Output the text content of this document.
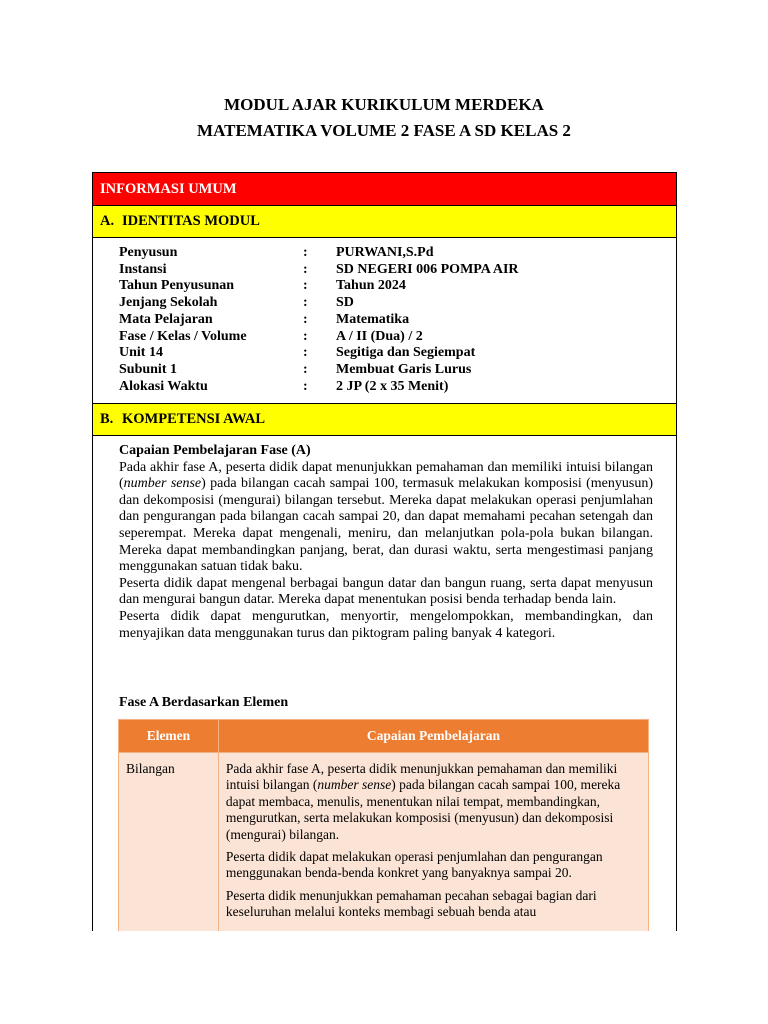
MODUL AJAR KURIKULUM MERDEKA
MATEMATIKA VOLUME 2 FASE A SD KELAS 2
INFORMASI UMUM
A. IDENTITAS MODUL
Penyusun	: PURWANI,S.Pd
Instansi	: SD NEGERI 006 POMPA AIR
Tahun Penyusunan	: Tahun 2024
Jenjang Sekolah	: SD
Mata Pelajaran	: Matematika
Fase / Kelas / Volume	: A / II (Dua) / 2
Unit 14	: Segitiga dan Segiempat
Subunit 1	: Membuat Garis Lurus
Alokasi Waktu	: 2 JP (2 x 35 Menit)
B. KOMPETENSI AWAL
Capaian Pembelajaran Fase (A)

Pada akhir fase A, peserta didik dapat menunjukkan pemahaman dan memiliki intuisi bilangan (number sense) pada bilangan cacah sampai 100, termasuk melakukan komposisi (menyusun) dan dekomposisi (mengurai) bilangan tersebut. Mereka dapat melakukan operasi penjumlahan dan pengurangan pada bilangan cacah sampai 20, dan dapat memahami pecahan setengah dan seperempat. Mereka dapat mengenali, meniru, dan melanjutkan pola-pola bukan bilangan. Mereka dapat membandingkan panjang, berat, dan durasi waktu, serta mengestimasi panjang menggunakan satuan tidak baku.

Peserta didik dapat mengenal berbagai bangun datar dan bangun ruang, serta dapat menyusun dan mengurai bangun datar. Mereka dapat menentukan posisi benda terhadap benda lain.

Peserta didik dapat mengurutkan, menyortir, mengelompokkan, membandingkan, dan menyajikan data menggunakan turus dan piktogram paling banyak 4 kategori.

Fase A Berdasarkan Elemen
Elemen	Capaian Pembelajaran
Bilangan	Pada akhir fase A, peserta didik menunjukkan pemahaman dan memiliki intuisi bilangan (number sense) pada bilangan cacah sampai 100, mereka dapat membaca, menulis, menentukan nilai tempat, membandingkan, mengurutkan, serta melakukan komposisi (menyusun) dan dekomposisi (mengurai) bilangan.

Peserta didik dapat melakukan operasi penjumlahan dan pengurangan menggunakan benda-benda konkret yang banyaknya sampai 20.

Peserta didik menunjukkan pemahaman pecahan sebagai bagian dari keseluruhan melalui konteks membagi sebuah benda atau
